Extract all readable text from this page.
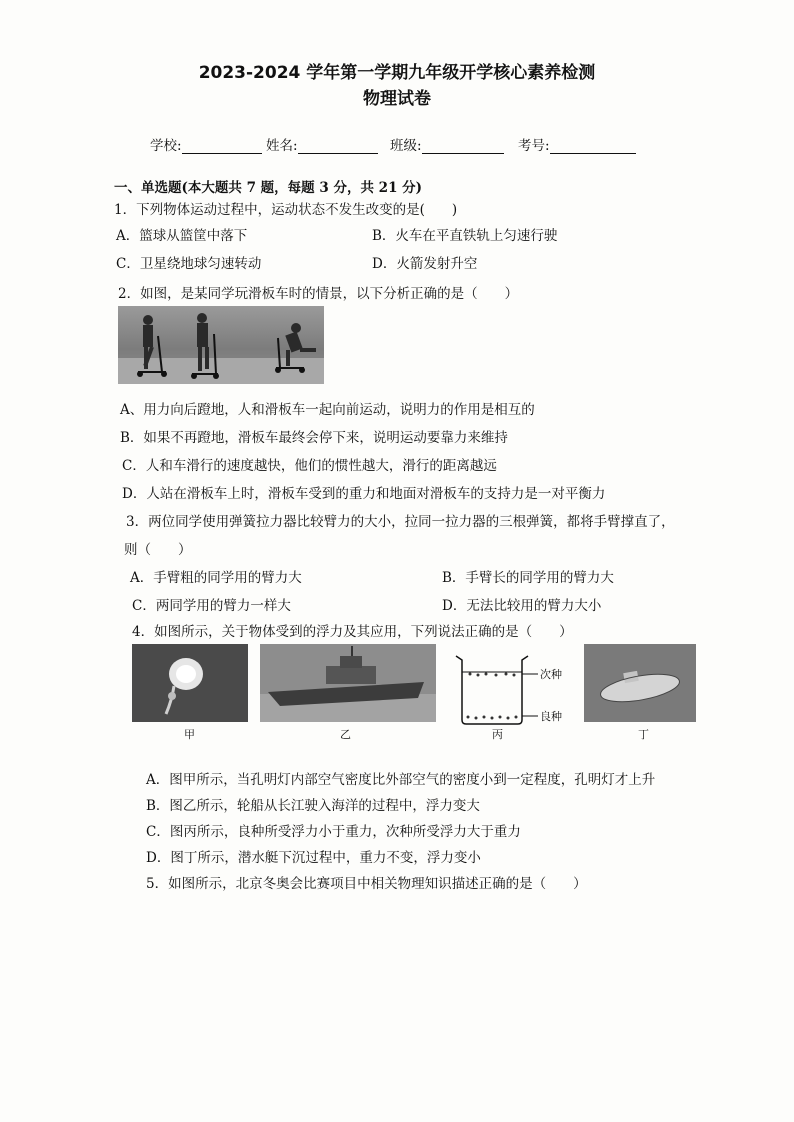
2023-2024 学年第一学期九年级开学核心素养检测
物理试卷
学校:	姓名:	班级:	考号:
一、单选题(本大题共 7 题，每题 3 分，共 21 分)
1．下列物体运动过程中，运动状态不发生改变的是(　　)
A．篮球从篮筐中落下	B．火车在平直铁轨上匀速行驶
C．卫星绕地球匀速转动	D．火箭发射升空
2．如图，是某同学玩滑板车时的情景，以下分析正确的是（　　）
A、用力向后蹬地，人和滑板车一起向前运动，说明力的作用是相互的
B．如果不再蹬地，滑板车最终会停下来，说明运动要靠力来维持
C．人和车滑行的速度越快，他们的惯性越大，滑行的距离越远
D．人站在滑板车上时，滑板车受到的重力和地面对滑板车的支持力是一对平衡力
3．两位同学使用弹簧拉力器比较臂力的大小，拉同一拉力器的三根弹簧，都将手臂撑直了，
则（　　）
A．手臂粗的同学用的臂力大	B．手臂长的同学用的臂力大
C．两同学用的臂力一样大	D．无法比较用的臂力大小
4．如图所示，关于物体受到的浮力及其应用，下列说法正确的是（　　）
次种
良种
甲	乙	丙	丁
A．图甲所示，当孔明灯内部空气密度比外部空气的密度小到一定程度，孔明灯才上升
B．图乙所示，轮船从长江驶入海洋的过程中，浮力变大
C．图丙所示，良种所受浮力小于重力，次种所受浮力大于重力
D．图丁所示，潜水艇下沉过程中，重力不变，浮力变小
5．如图所示，北京冬奥会比赛项目中相关物理知识描述正确的是（　　）
